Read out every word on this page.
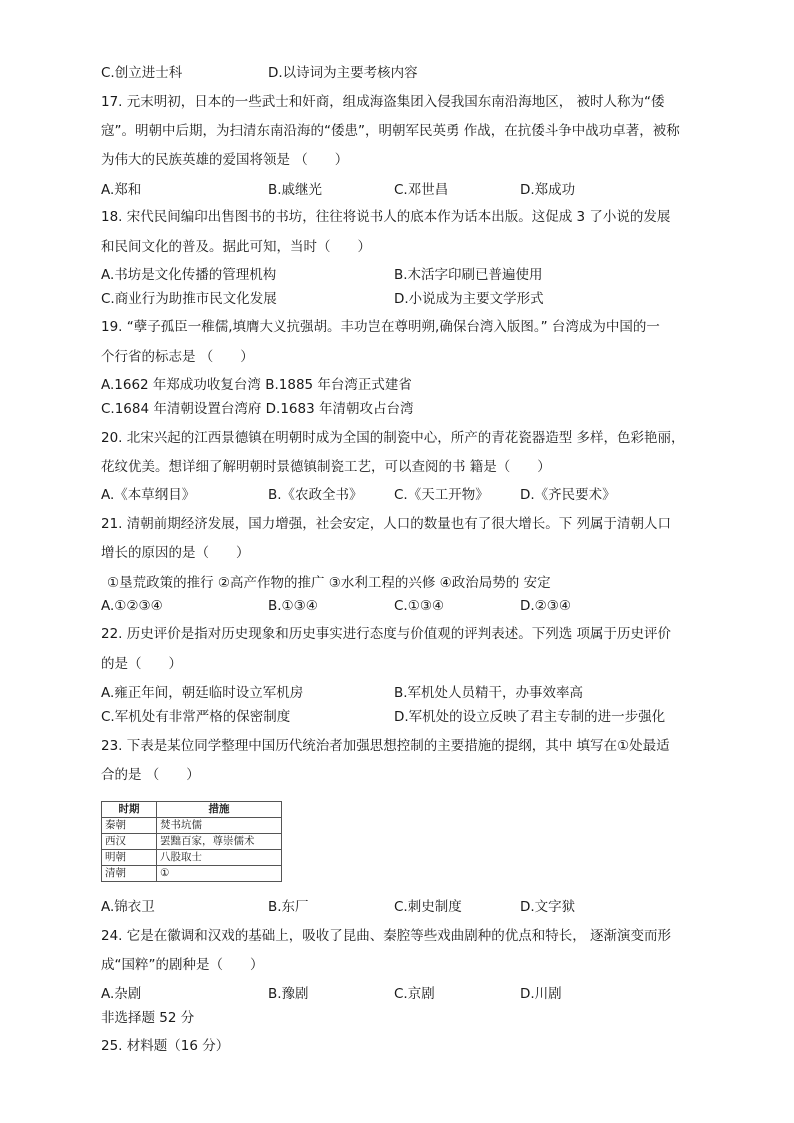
C.创立进士科	D.以诗词为主要考核内容
17. 元末明初，日本的一些武士和奸商，组成海盗集团入侵我国东南沿海地区， 被时人称为“倭
寇”。明朝中后期，为扫清东南沿海的“倭患”，明朝军民英勇 作战，在抗倭斗争中战功卓著，被称
为伟大的民族英雄的爱国将领是 （　　）
A.郑和	B.戚继光	C.邓世昌	D.郑成功
18. 宋代民间编印出售图书的书坊，往往将说书人的底本作为话本出版。这促成 3 了小说的发展
和民间文化的普及。据此可知，当时（　　）
A.书坊是文化传播的管理机构	B.木活字印刷已普遍使用
C.商业行为助推市民文化发展	D.小说成为主要文学形式
19. “孽子孤臣一稚儒,填膺大义抗强胡。丰功岂在尊明朔,确保台湾入版图。” 台湾成为中国的一
个行省的标志是 （　　）
A.1662 年郑成功收复台湾 B.1885 年台湾正式建省
C.1684 年清朝设置台湾府 D.1683 年清朝攻占台湾
20. 北宋兴起的江西景德镇在明朝时成为全国的制瓷中心，所产的青花瓷器造型 多样，色彩艳丽，
花纹优美。想详细了解明朝时景德镇制瓷工艺，可以查阅的书 籍是（　　）
A.《本草纲目》	B.《农政全书》 C.《天工开物》 D.《齐民要术》
21. 清朝前期经济发展，国力增强，社会安定，人口的数量也有了很大增长。下 列属于清朝人口
增长的原因的是（　　）
①垦荒政策的推行 ②高产作物的推广 ③水利工程的兴修 ④政治局势的 安定
A.①②③④	B.①③④	C.①③④	D.②③④
22. 历史评价是指对历史现象和历史事实进行态度与价值观的评判表述。下列选 项属于历史评价
的是（　　）
A.雍正年间，朝廷临时设立军机房	B.军机处人员精干，办事效率高
C.军机处有非常严格的保密制度	D.军机处的设立反映了君主专制的进一步强化
23. 下表是某位同学整理中国历代统治者加强思想控制的主要措施的提纲，其中 填写在①处最适
合的是 （　　）
时期	措施
秦朝	焚书坑儒
西汉	罢黜百家，尊崇儒术
明朝	八股取士
清朝	①
A.锦衣卫	B.东厂	C.刺史制度	D.文字狱
24. 它是在徽调和汉戏的基础上，吸收了昆曲、秦腔等些戏曲剧种的优点和特长， 逐渐演变而形
成“国粹”的剧种是（　　）
A.杂剧	B.豫剧	C.京剧	D.川剧
非选择题 52 分
25. 材料题（16 分）
